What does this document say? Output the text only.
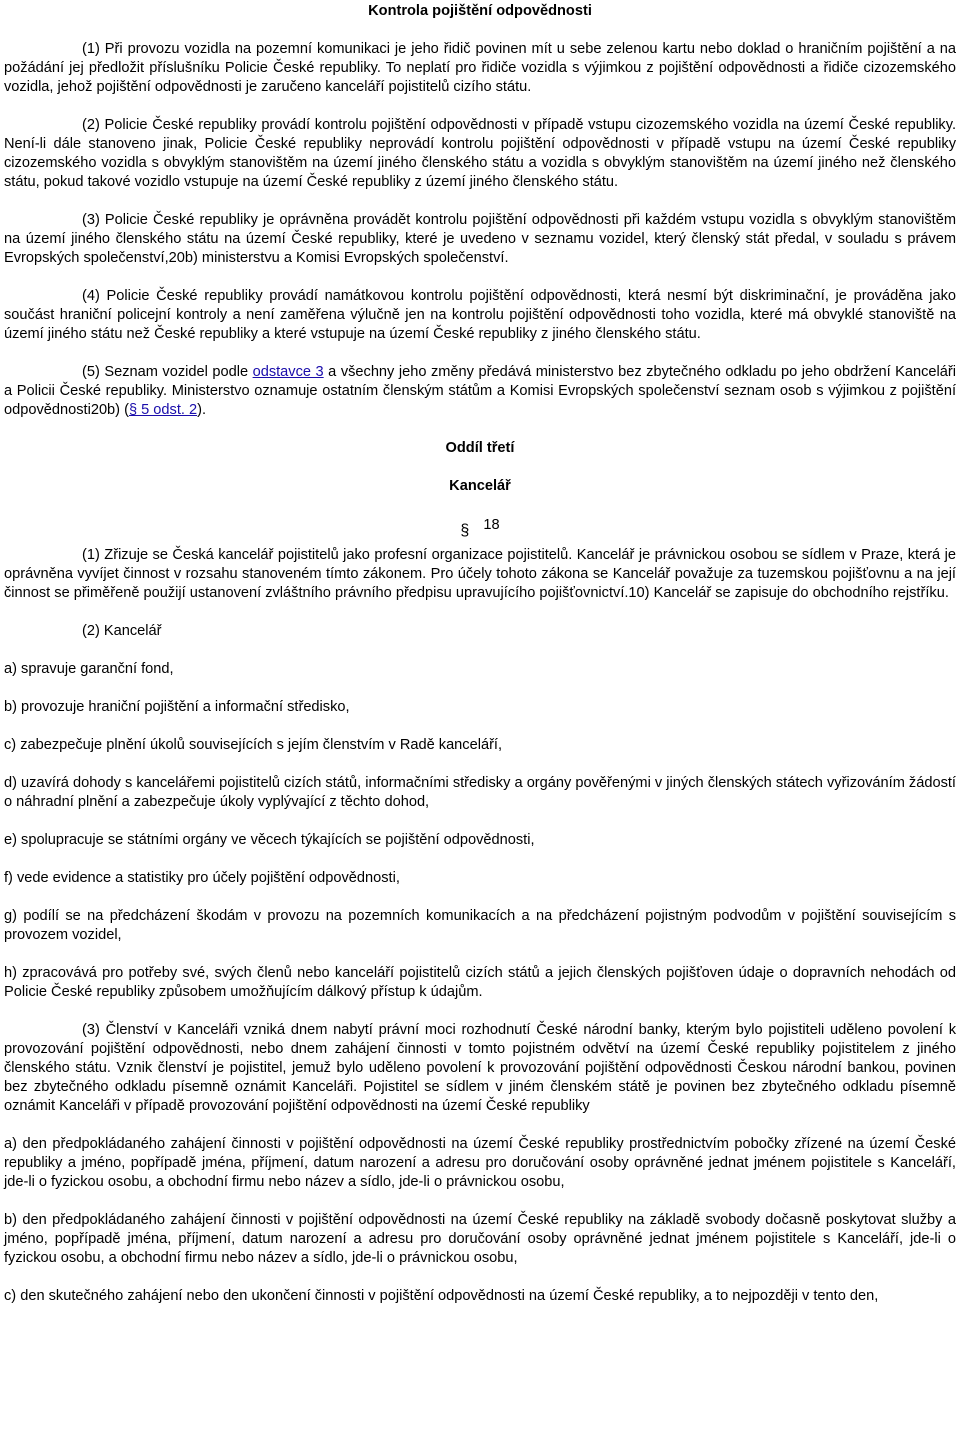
Kontrola pojištění odpovědnosti

(1) Při provozu vozidla na pozemní komunikaci je jeho řidič povinen mít u sebe zelenou kartu nebo doklad o hraničním pojištění a na požádání jej předložit příslušníku Policie České republiky. To neplatí pro řidiče vozidla s výjimkou z pojištění odpovědnosti a řidiče cizozemského vozidla, jehož pojištění odpovědnosti je zaručeno kanceláří pojistitelů cizího státu.

(2) Policie České republiky provádí kontrolu pojištění odpovědnosti v případě vstupu cizozemského vozidla na území České republiky. Není-li dále stanoveno jinak, Policie České republiky neprovádí kontrolu pojištění odpovědnosti v případě vstupu na území České republiky cizozemského vozidla s obvyklým stanovištěm na území jiného členského státu a vozidla s obvyklým stanovištěm na území jiného než členského státu, pokud takové vozidlo vstupuje na území České republiky z území jiného členského státu.

(3) Policie České republiky je oprávněna provádět kontrolu pojištění odpovědnosti při každém vstupu vozidla s obvyklým stanovištěm na území jiného členského státu na území České republiky, které je uvedeno v seznamu vozidel, který členský stát předal, v souladu s právem Evropských společenství,20b) ministerstvu a Komisi Evropských společenství.

(4) Policie České republiky provádí namátkovou kontrolu pojištění odpovědnosti, která nesmí být diskriminační, je prováděna jako součást hraniční policejní kontroly a není zaměřena výlučně jen na kontrolu pojištění odpovědnosti toho vozidla, které má obvyklé stanoviště na území jiného státu než České republiky a které vstupuje na území České republiky z jiného členského státu.

(5) Seznam vozidel podle odstavce 3 a všechny jeho změny předává ministerstvo bez zbytečného odkladu po jeho obdržení Kanceláři a Policii České republiky. Ministerstvo oznamuje ostatním členským státům a Komisi Evropských společenství seznam osob s výjimkou z pojištění odpovědnosti20b) (§ 5 odst. 2).

Oddíl třetí

Kancelář

§ 18

(1) Zřizuje se Česká kancelář pojistitelů jako profesní organizace pojistitelů. Kancelář je právnickou osobou se sídlem v Praze, která je oprávněna vyvíjet činnost v rozsahu stanoveném tímto zákonem. Pro účely tohoto zákona se Kancelář považuje za tuzemskou pojišťovnu a na její činnost se přiměřeně použijí ustanovení zvláštního právního předpisu upravujícího pojišťovnictví.10) Kancelář se zapisuje do obchodního rejstříku.

(2) Kancelář

a) spravuje garanční fond,

b) provozuje hraniční pojištění a informační středisko,

c) zabezpečuje plnění úkolů souvisejících s jejím členstvím v Radě kanceláří,

d) uzavírá dohody s kancelářemi pojistitelů cizích států, informačními středisky a orgány pověřenými v jiných členských státech vyřizováním žádostí o náhradní plnění a zabezpečuje úkoly vyplývající z těchto dohod,

e) spolupracuje se státními orgány ve věcech týkajících se pojištění odpovědnosti,

f) vede evidence a statistiky pro účely pojištění odpovědnosti,

g) podílí se na předcházení škodám v provozu na pozemních komunikacích a na předcházení pojistným podvodům v pojištění souvisejícím s provozem vozidel,

h) zpracovává pro potřeby své, svých členů nebo kanceláří pojistitelů cizích států a jejich členských pojišťoven údaje o dopravních nehodách od Policie České republiky způsobem umožňujícím dálkový přístup k údajům.

(3) Členství v Kanceláři vzniká dnem nabytí právní moci rozhodnutí České národní banky, kterým bylo pojistiteli uděleno povolení k provozování pojištění odpovědnosti, nebo dnem zahájení činnosti v tomto pojistném odvětví na území České republiky pojistitelem z jiného členského státu. Vznik členství je pojistitel, jemuž bylo uděleno povolení k provozování pojištění odpovědnosti Českou národní bankou, povinen bez zbytečného odkladu písemně oznámit Kanceláři. Pojistitel se sídlem v jiném členském státě je povinen bez zbytečného odkladu písemně oznámit Kanceláři v případě provozování pojištění odpovědnosti na území České republiky

a) den předpokládaného zahájení činnosti v pojištění odpovědnosti na území České republiky prostřednictvím pobočky zřízené na území České republiky a jméno, popřípadě jména, příjmení, datum narození a adresu pro doručování osoby oprávněné jednat jménem pojistitele s Kanceláří, jde-li o fyzickou osobu, a obchodní firmu nebo název a sídlo, jde-li o právnickou osobu,

b) den předpokládaného zahájení činnosti v pojištění odpovědnosti na území České republiky na základě svobody dočasně poskytovat služby a jméno, popřípadě jména, příjmení, datum narození a adresu pro doručování osoby oprávněné jednat jménem pojistitele s Kanceláří, jde-li o fyzickou osobu, a obchodní firmu nebo název a sídlo, jde-li o právnickou osobu,

c) den skutečného zahájení nebo den ukončení činnosti v pojištění odpovědnosti na území České republiky, a to nejpozději v tento den,
